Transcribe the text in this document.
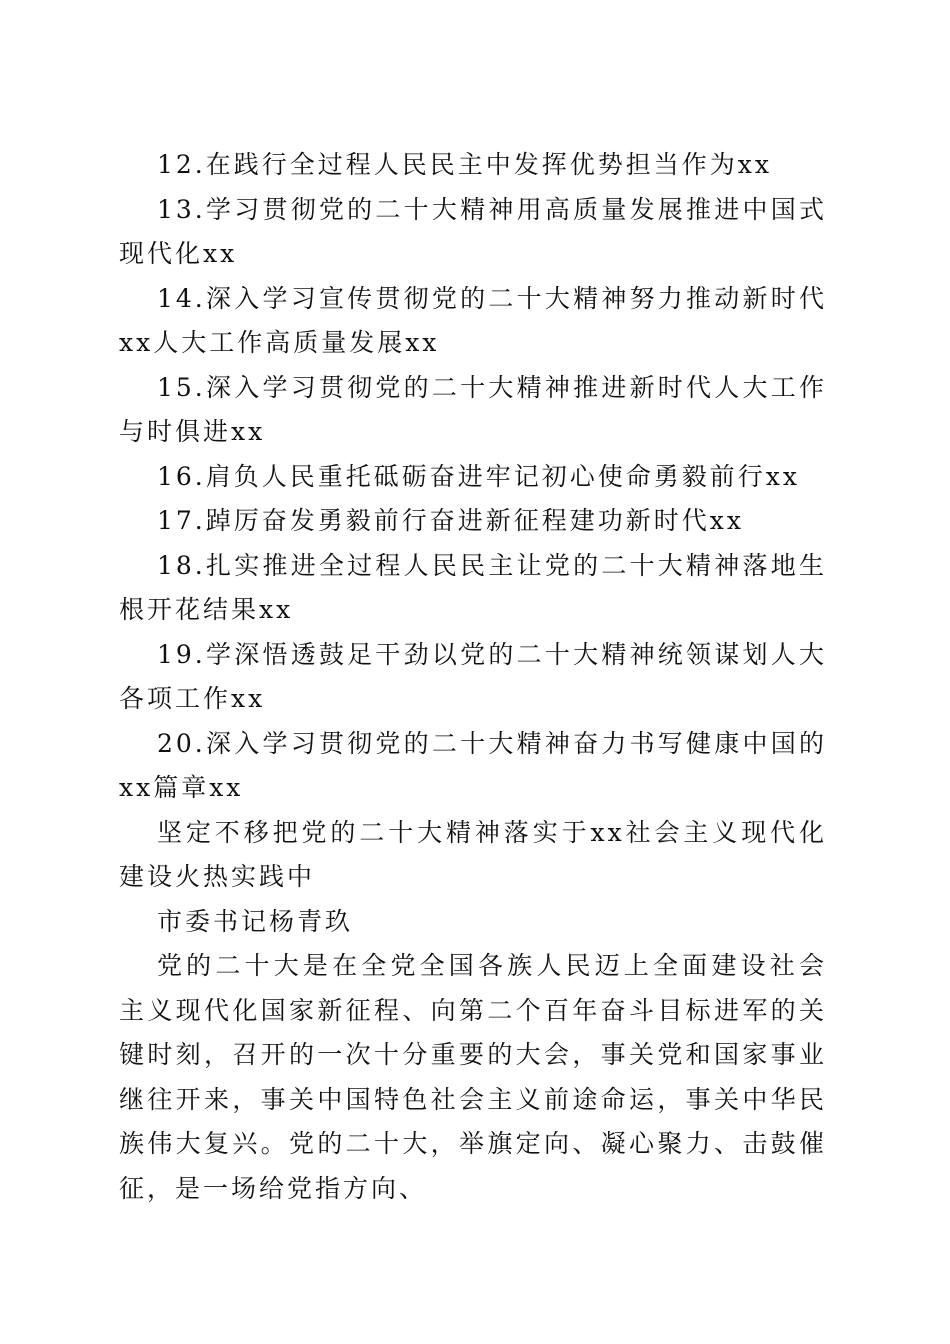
12.在践行全过程人民民主中发挥优势担当作为xx

13.学习贯彻党的二十大精神用高质量发展推进中国式现代化xx

14.深入学习宣传贯彻党的二十大精神努力推动新时代xx人大工作高质量发展xx

15.深入学习贯彻党的二十大精神推进新时代人大工作与时俱进xx

16.肩负人民重托砥砺奋进牢记初心使命勇毅前行xx

17.踔厉奋发勇毅前行奋进新征程建功新时代xx

18.扎实推进全过程人民民主让党的二十大精神落地生根开花结果xx

19.学深悟透鼓足干劲以党的二十大精神统领谋划人大各项工作xx

20.深入学习贯彻党的二十大精神奋力书写健康中国的xx篇章xx

坚定不移把党的二十大精神落实于xx社会主义现代化建设火热实践中

市委书记杨青玖

党的二十大是在全党全国各族人民迈上全面建设社会主义现代化国家新征程、向第二个百年奋斗目标进军的关键时刻，召开的一次十分重要的大会，事关党和国家事业继往开来，事关中国特色社会主义前途命运，事关中华民族伟大复兴。党的二十大，举旗定向、凝心聚力、击鼓催征，是一场给党指方向、
